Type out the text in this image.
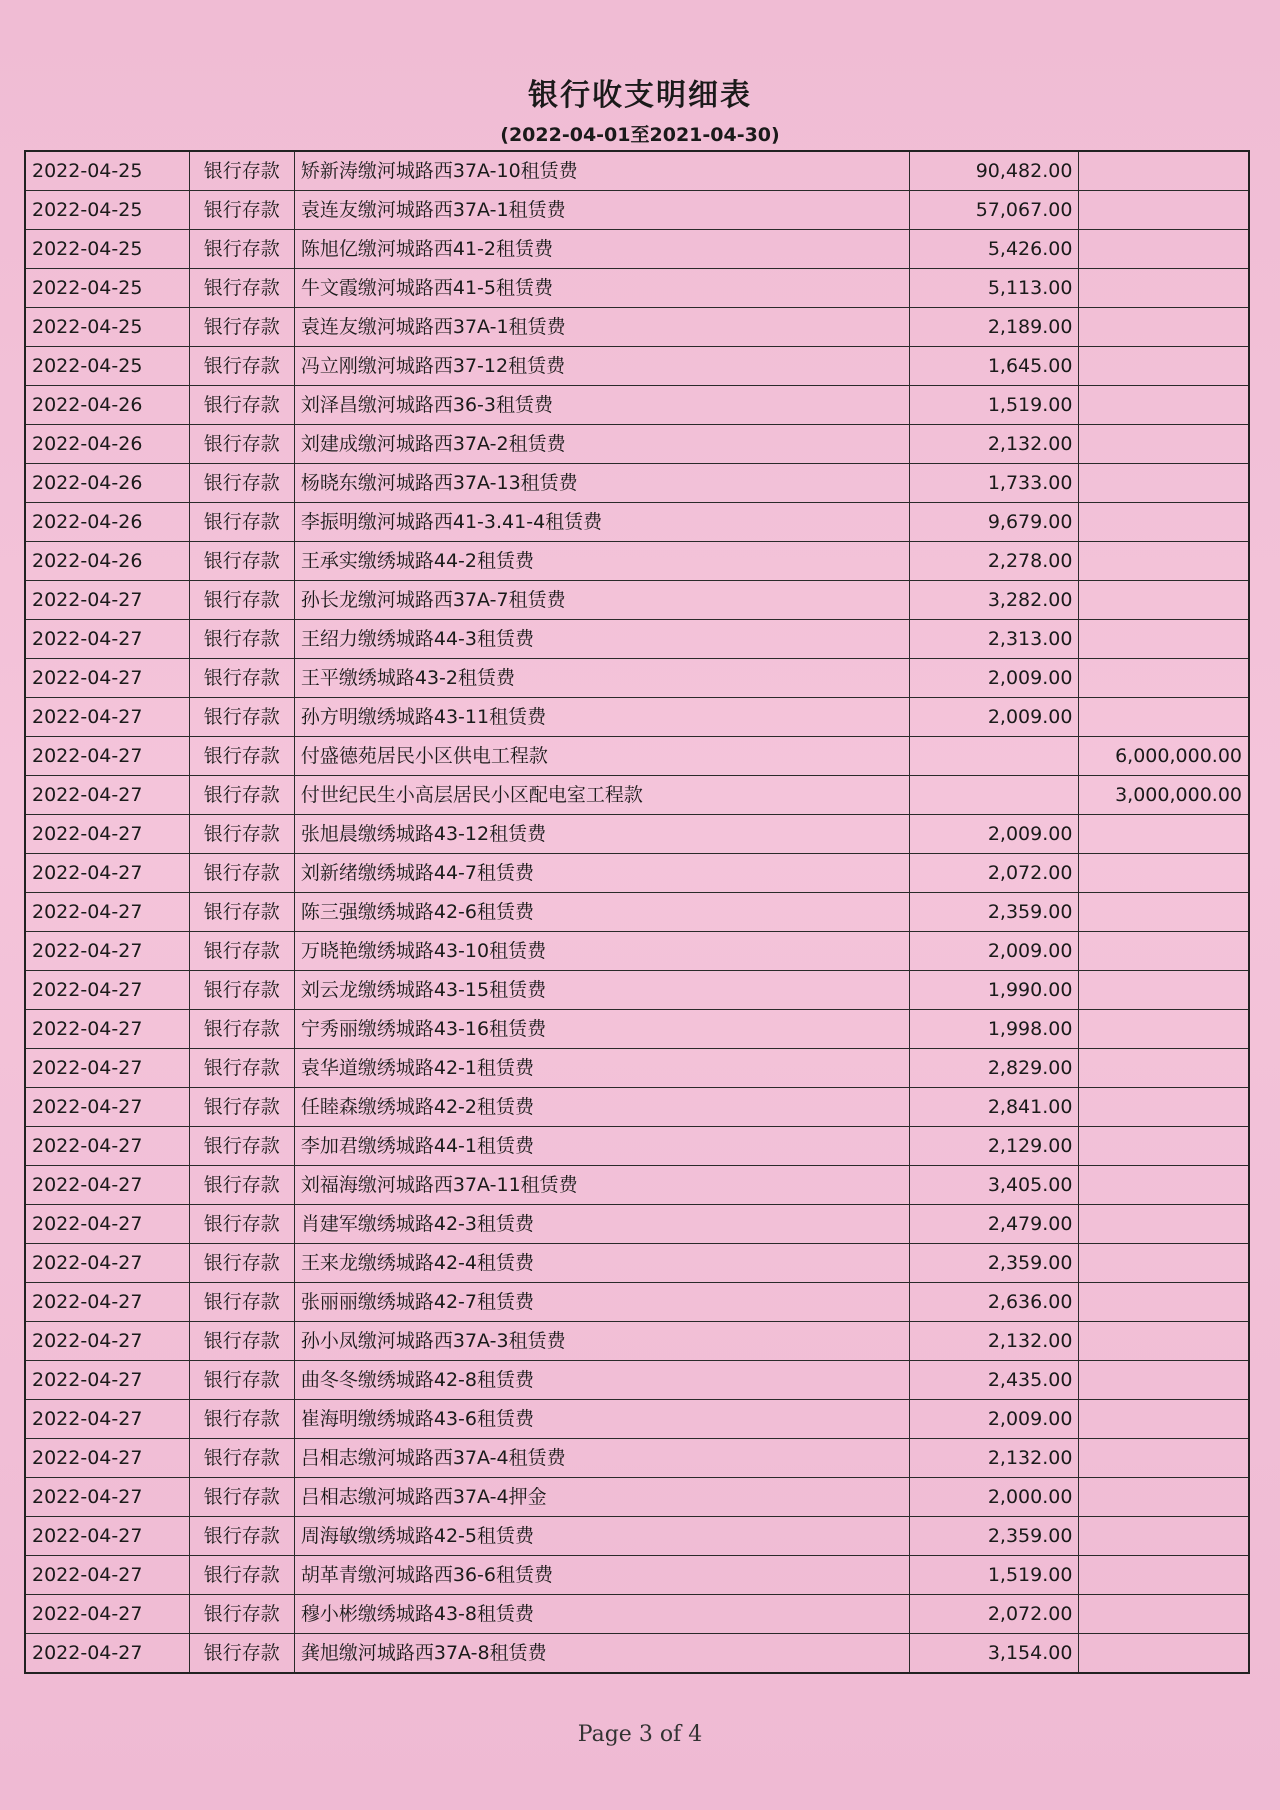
银行收支明细表
(2022-04-01至2021-04-30)
2022-04-25	银行存款	矫新涛缴河城路西37A-10租赁费	90,482.00	
2022-04-25	银行存款	袁连友缴河城路西37A-1租赁费	57,067.00	
2022-04-25	银行存款	陈旭亿缴河城路西41-2租赁费	5,426.00	
2022-04-25	银行存款	牛文霞缴河城路西41-5租赁费	5,113.00	
2022-04-25	银行存款	袁连友缴河城路西37A-1租赁费	2,189.00	
2022-04-25	银行存款	冯立刚缴河城路西37-12租赁费	1,645.00	
2022-04-26	银行存款	刘泽昌缴河城路西36-3租赁费	1,519.00	
2022-04-26	银行存款	刘建成缴河城路西37A-2租赁费	2,132.00	
2022-04-26	银行存款	杨晓东缴河城路西37A-13租赁费	1,733.00	
2022-04-26	银行存款	李振明缴河城路西41-3.41-4租赁费	9,679.00	
2022-04-26	银行存款	王承实缴绣城路44-2租赁费	2,278.00	
2022-04-27	银行存款	孙长龙缴河城路西37A-7租赁费	3,282.00	
2022-04-27	银行存款	王绍力缴绣城路44-3租赁费	2,313.00	
2022-04-27	银行存款	王平缴绣城路43-2租赁费	2,009.00	
2022-04-27	银行存款	孙方明缴绣城路43-11租赁费	2,009.00	
2022-04-27	银行存款	付盛德苑居民小区供电工程款		6,000,000.00
2022-04-27	银行存款	付世纪民生小高层居民小区配电室工程款		3,000,000.00
2022-04-27	银行存款	张旭晨缴绣城路43-12租赁费	2,009.00	
2022-04-27	银行存款	刘新绪缴绣城路44-7租赁费	2,072.00	
2022-04-27	银行存款	陈三强缴绣城路42-6租赁费	2,359.00	
2022-04-27	银行存款	万晓艳缴绣城路43-10租赁费	2,009.00	
2022-04-27	银行存款	刘云龙缴绣城路43-15租赁费	1,990.00	
2022-04-27	银行存款	宁秀丽缴绣城路43-16租赁费	1,998.00	
2022-04-27	银行存款	袁华道缴绣城路42-1租赁费	2,829.00	
2022-04-27	银行存款	任睦森缴绣城路42-2租赁费	2,841.00	
2022-04-27	银行存款	李加君缴绣城路44-1租赁费	2,129.00	
2022-04-27	银行存款	刘福海缴河城路西37A-11租赁费	3,405.00	
2022-04-27	银行存款	肖建军缴绣城路42-3租赁费	2,479.00	
2022-04-27	银行存款	王来龙缴绣城路42-4租赁费	2,359.00	
2022-04-27	银行存款	张丽丽缴绣城路42-7租赁费	2,636.00	
2022-04-27	银行存款	孙小凤缴河城路西37A-3租赁费	2,132.00	
2022-04-27	银行存款	曲冬冬缴绣城路42-8租赁费	2,435.00	
2022-04-27	银行存款	崔海明缴绣城路43-6租赁费	2,009.00	
2022-04-27	银行存款	吕相志缴河城路西37A-4租赁费	2,132.00	
2022-04-27	银行存款	吕相志缴河城路西37A-4押金	2,000.00	
2022-04-27	银行存款	周海敏缴绣城路42-5租赁费	2,359.00	
2022-04-27	银行存款	胡革青缴河城路西36-6租赁费	1,519.00	
2022-04-27	银行存款	穆小彬缴绣城路43-8租赁费	2,072.00	
2022-04-27	银行存款	龚旭缴河城路西37A-8租赁费	3,154.00	
Page 3 of 4
